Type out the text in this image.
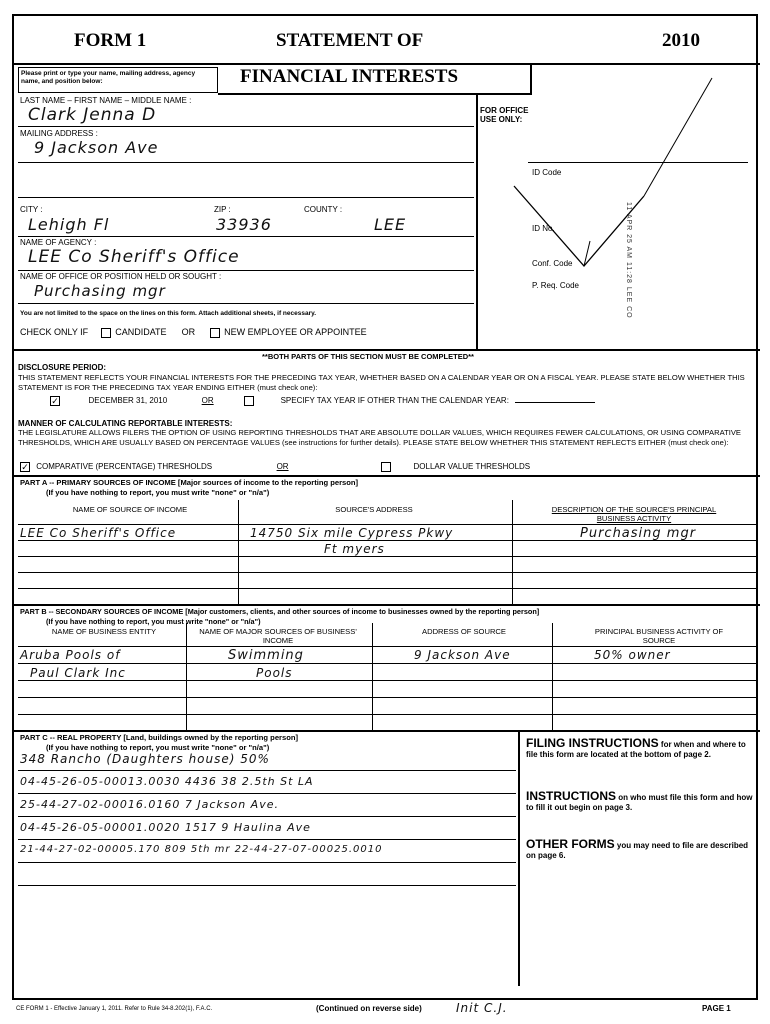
FORM 1	STATEMENT OF	2010
Please print or type your name, mailing address, agency name, and position below:	FINANCIAL INTERESTS
LAST NAME – FIRST NAME – MIDDLE NAME :
Clark Jenna D
MAILING ADDRESS :
9 Jackson Ave
CITY :	ZIP :	COUNTY :
Lehigh Fl	33936	LEE
NAME OF AGENCY :
LEE Co Sheriff's Office
NAME OF OFFICE OR POSITION HELD OR SOUGHT :
Purchasing mgr
You are not limited to the space on the lines on this form. Attach additional sheets, if necessary.
CHECK ONLY IF	CANDIDATE OR	NEW EMPLOYEE OR APPOINTEE
FOR OFFICE USE ONLY:
ID Code
ID No.
Conf. Code
P. Req. Code	11 APR 25 AM 11:28 LEE CO
**BOTH PARTS OF THIS SECTION MUST BE COMPLETED**
DISCLOSURE PERIOD:
THIS STATEMENT REFLECTS YOUR FINANCIAL INTERESTS FOR THE PRECEDING TAX YEAR, WHETHER BASED ON A CALENDAR YEAR OR ON A FISCAL YEAR. PLEASE STATE BELOW WHETHER THIS STATEMENT IS FOR THE PRECEDING TAX YEAR ENDING EITHER (must check one):
✓	DECEMBER 31, 2010	OR	SPECIFY TAX YEAR IF OTHER THAN THE CALENDAR YEAR:
MANNER OF CALCULATING REPORTABLE INTERESTS:
THE LEGISLATURE ALLOWS FILERS THE OPTION OF USING REPORTING THRESHOLDS THAT ARE ABSOLUTE DOLLAR VALUES, WHICH REQUIRES FEWER CALCULATIONS, OR USING COMPARATIVE THRESHOLDS, WHICH ARE USUALLY BASED ON PERCENTAGE VALUES (see instructions for further details). PLEASE STATE BELOW WHETHER THIS STATEMENT REFLECTS EITHER (must check one):
✓ COMPARATIVE (PERCENTAGE) THRESHOLDS	OR	DOLLAR VALUE THRESHOLDS
PART A -- PRIMARY SOURCES OF INCOME [Major sources of income to the reporting person]
(If you have nothing to report, you must write "none" or "n/a")
NAME OF SOURCE OF INCOME	SOURCE'S ADDRESS	DESCRIPTION OF THE SOURCE'S PRINCIPAL BUSINESS ACTIVITY
LEE Co Sheriff's Office	14750 Six mile Cypress Pkwy	Purchasing mgr
Ft myers
PART B -- SECONDARY SOURCES OF INCOME [Major customers, clients, and other sources of income to businesses owned by the reporting person]
(If you have nothing to report, you must write "none" or "n/a")
NAME OF BUSINESS ENTITY	NAME OF MAJOR SOURCES OF BUSINESS' INCOME
ADDRESS OF SOURCE	PRINCIPAL BUSINESS ACTIVITY OF SOURCE
Aruba Pools of	Swimming	9 Jackson Ave	50% owner
Paul Clark Inc	Pools
PART C -- REAL PROPERTY [Land, buildings owned by the reporting person]
(If you have nothing to report, you must write "none" or "n/a")
348 Rancho (Daughters house) 50%
04-45-26-05-00013.0030 4436 38 2.5th St LA
25-44-27-02-00016.0160 7 Jackson Ave.
04-45-26-05-00001.0020 1517 9 Haulina Ave
21-44-27-02-00005.170 809 5th mr 22-44-27-07-00025.0010
FILING INSTRUCTIONS for when and where to file this form are located at the bottom of page 2.
INSTRUCTIONS on who must file this form and how to fill it out begin on page 3.
OTHER FORMS you may need to file are described on page 6.
CE FORM 1 - Effective January 1, 2011. Refer to Rule 34-8.202(1), F.A.C.	(Continued on reverse side)	Init C.J.	PAGE 1
